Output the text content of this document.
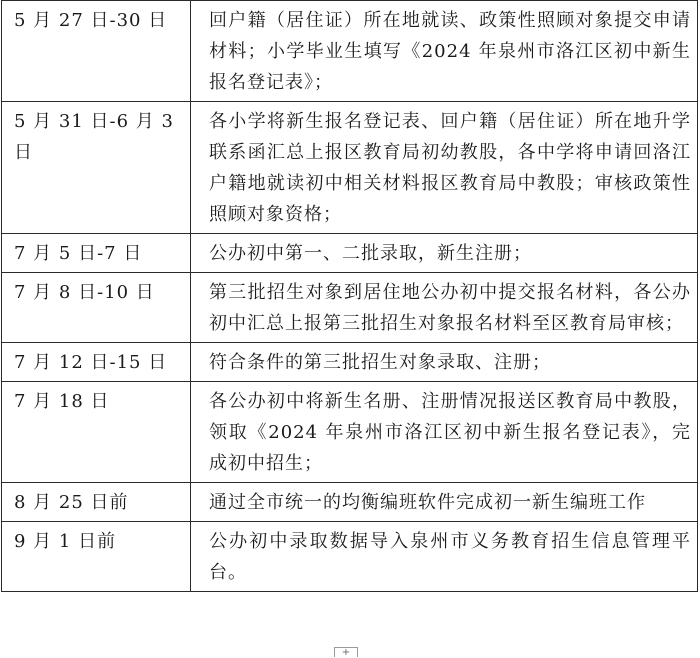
5 月 27 日-30 日	回户籍（居住证）所在地就读、政策性照顾对象提交申请材料；小学毕业生填写《2024 年泉州市洛江区初中新生报名登记表》；
5 月 31 日-6 月 3 日	各小学将新生报名登记表、回户籍（居住证）所在地升学联系函汇总上报区教育局初幼教股，各中学将申请回洛江户籍地就读初中相关材料报区教育局中教股；审核政策性照顾对象资格；
7 月 5 日-7 日	公办初中第一、二批录取，新生注册；
7 月 8 日-10 日	第三批招生对象到居住地公办初中提交报名材料，各公办初中汇总上报第三批招生对象报名材料至区教育局审核；
7 月 12 日-15 日	符合条件的第三批招生对象录取、注册；
7 月 18 日	各公办初中将新生名册、注册情况报送区教育局中教股，领取《2024 年泉州市洛江区初中新生报名登记表》，完成初中招生；
8 月 25 日前	通过全市统一的均衡编班软件完成初一新生编班工作
9 月 1 日前	公办初中录取数据导入泉州市义务教育招生信息管理平台。
+
